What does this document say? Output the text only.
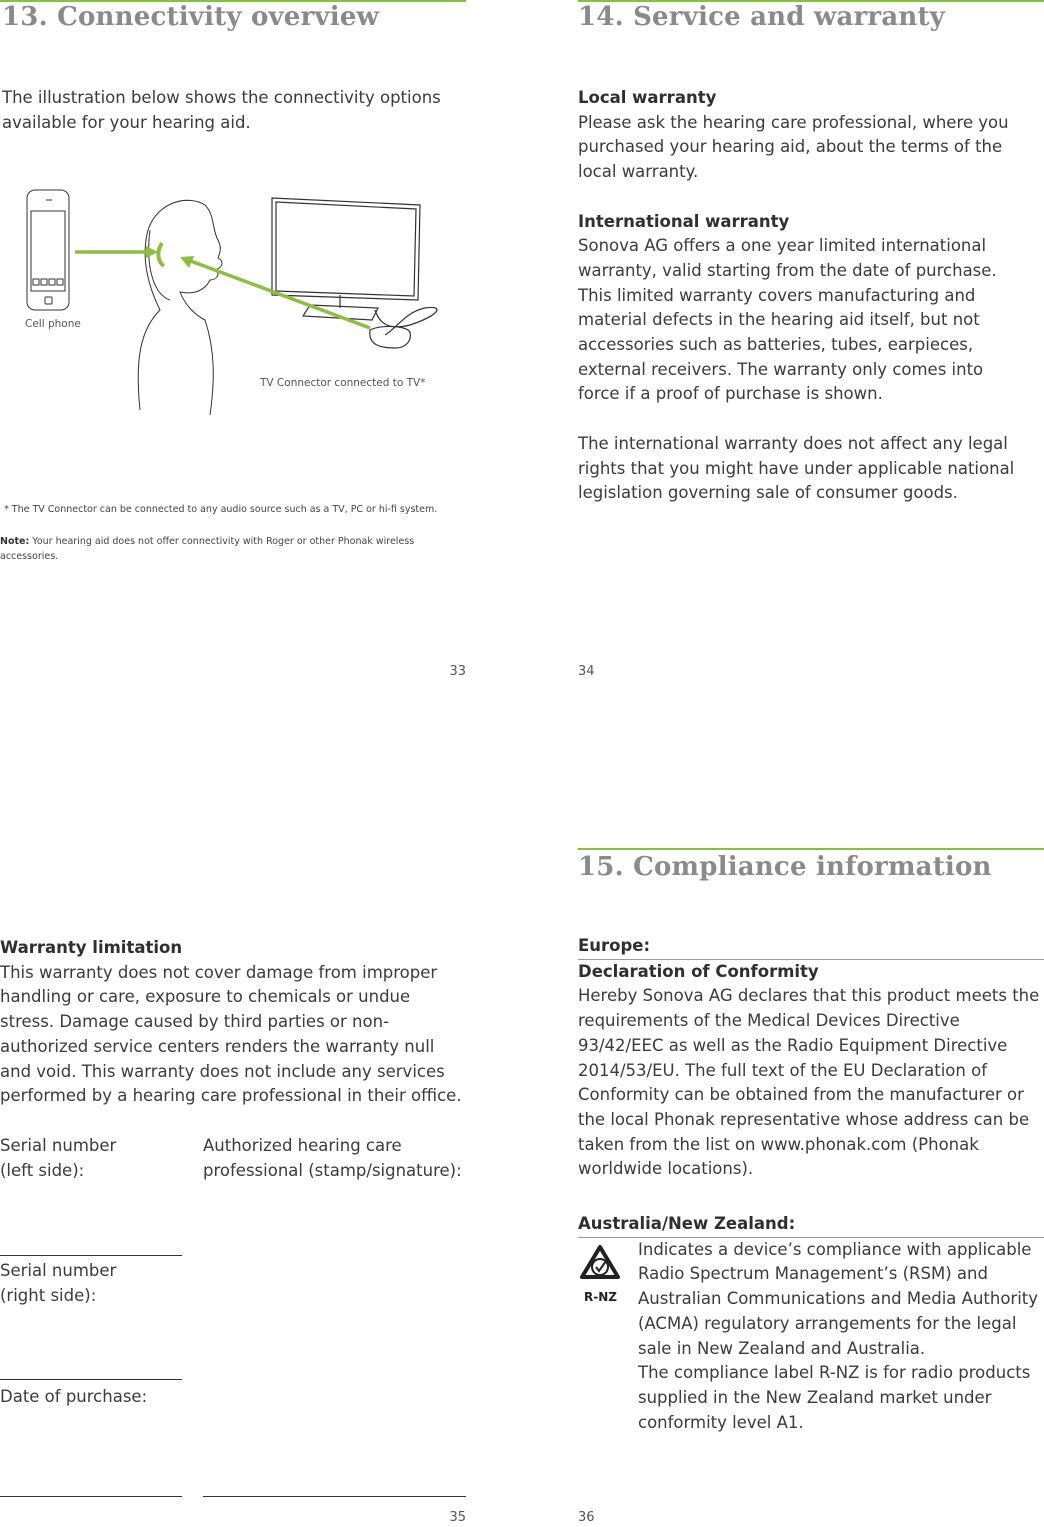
13. Connectivity overview

The illustration below shows the connectivity options available for your hearing aid.

Cell phone
TV Connector connected to TV*

* The TV Connector can be connected to any audio source such as a TV, PC or hi-fi system.

Note: Your hearing aid does not offer connectivity with Roger or other Phonak wireless accessories.

33
14. Service and warranty

Local warranty

Please ask the hearing care professional, where you purchased your hearing aid, about the terms of the local warranty.

International warranty

Sonova AG offers a one year limited international warranty, valid starting from the date of purchase. This limited warranty covers manufacturing and material defects in the hearing aid itself, but not accessories such as batteries, tubes, earpieces, external receivers. The warranty only comes into force if a proof of purchase is shown.

The international warranty does not affect any legal rights that you might have under applicable national legislation governing sale of consumer goods.

34

Warranty limitation

This warranty does not cover damage from improper handling or care, exposure to chemicals or undue stress. Damage caused by third parties or non-authorized service centers renders the warranty null and void. This warranty does not include any services performed by a hearing care professional in their office.

Serial number
(left side):
Serial number
(right side):
Date of purchase:
Authorized hearing care
professional (stamp/signature):
35
15. Compliance information

Europe:

Declaration of Conformity

Hereby Sonova AG declares that this product meets the requirements of the Medical Devices Directive 93/42/EEC as well as the Radio Equipment Directive 2014/53/EU. The full text of the EU Declaration of Conformity can be obtained from the manufacturer or the local Phonak representative whose address can be taken from the list on www.phonak.com (Phonak worldwide locations).

Australia/New Zealand:

R-NZ

Indicates a device’s compliance with applicable Radio Spectrum Management’s (RSM) and Australian Communications and Media Authority (ACMA) regulatory arrangements for the legal sale in New Zealand and Australia.

The compliance label R-NZ is for radio products supplied in the New Zealand market under conformity level A1.

36
